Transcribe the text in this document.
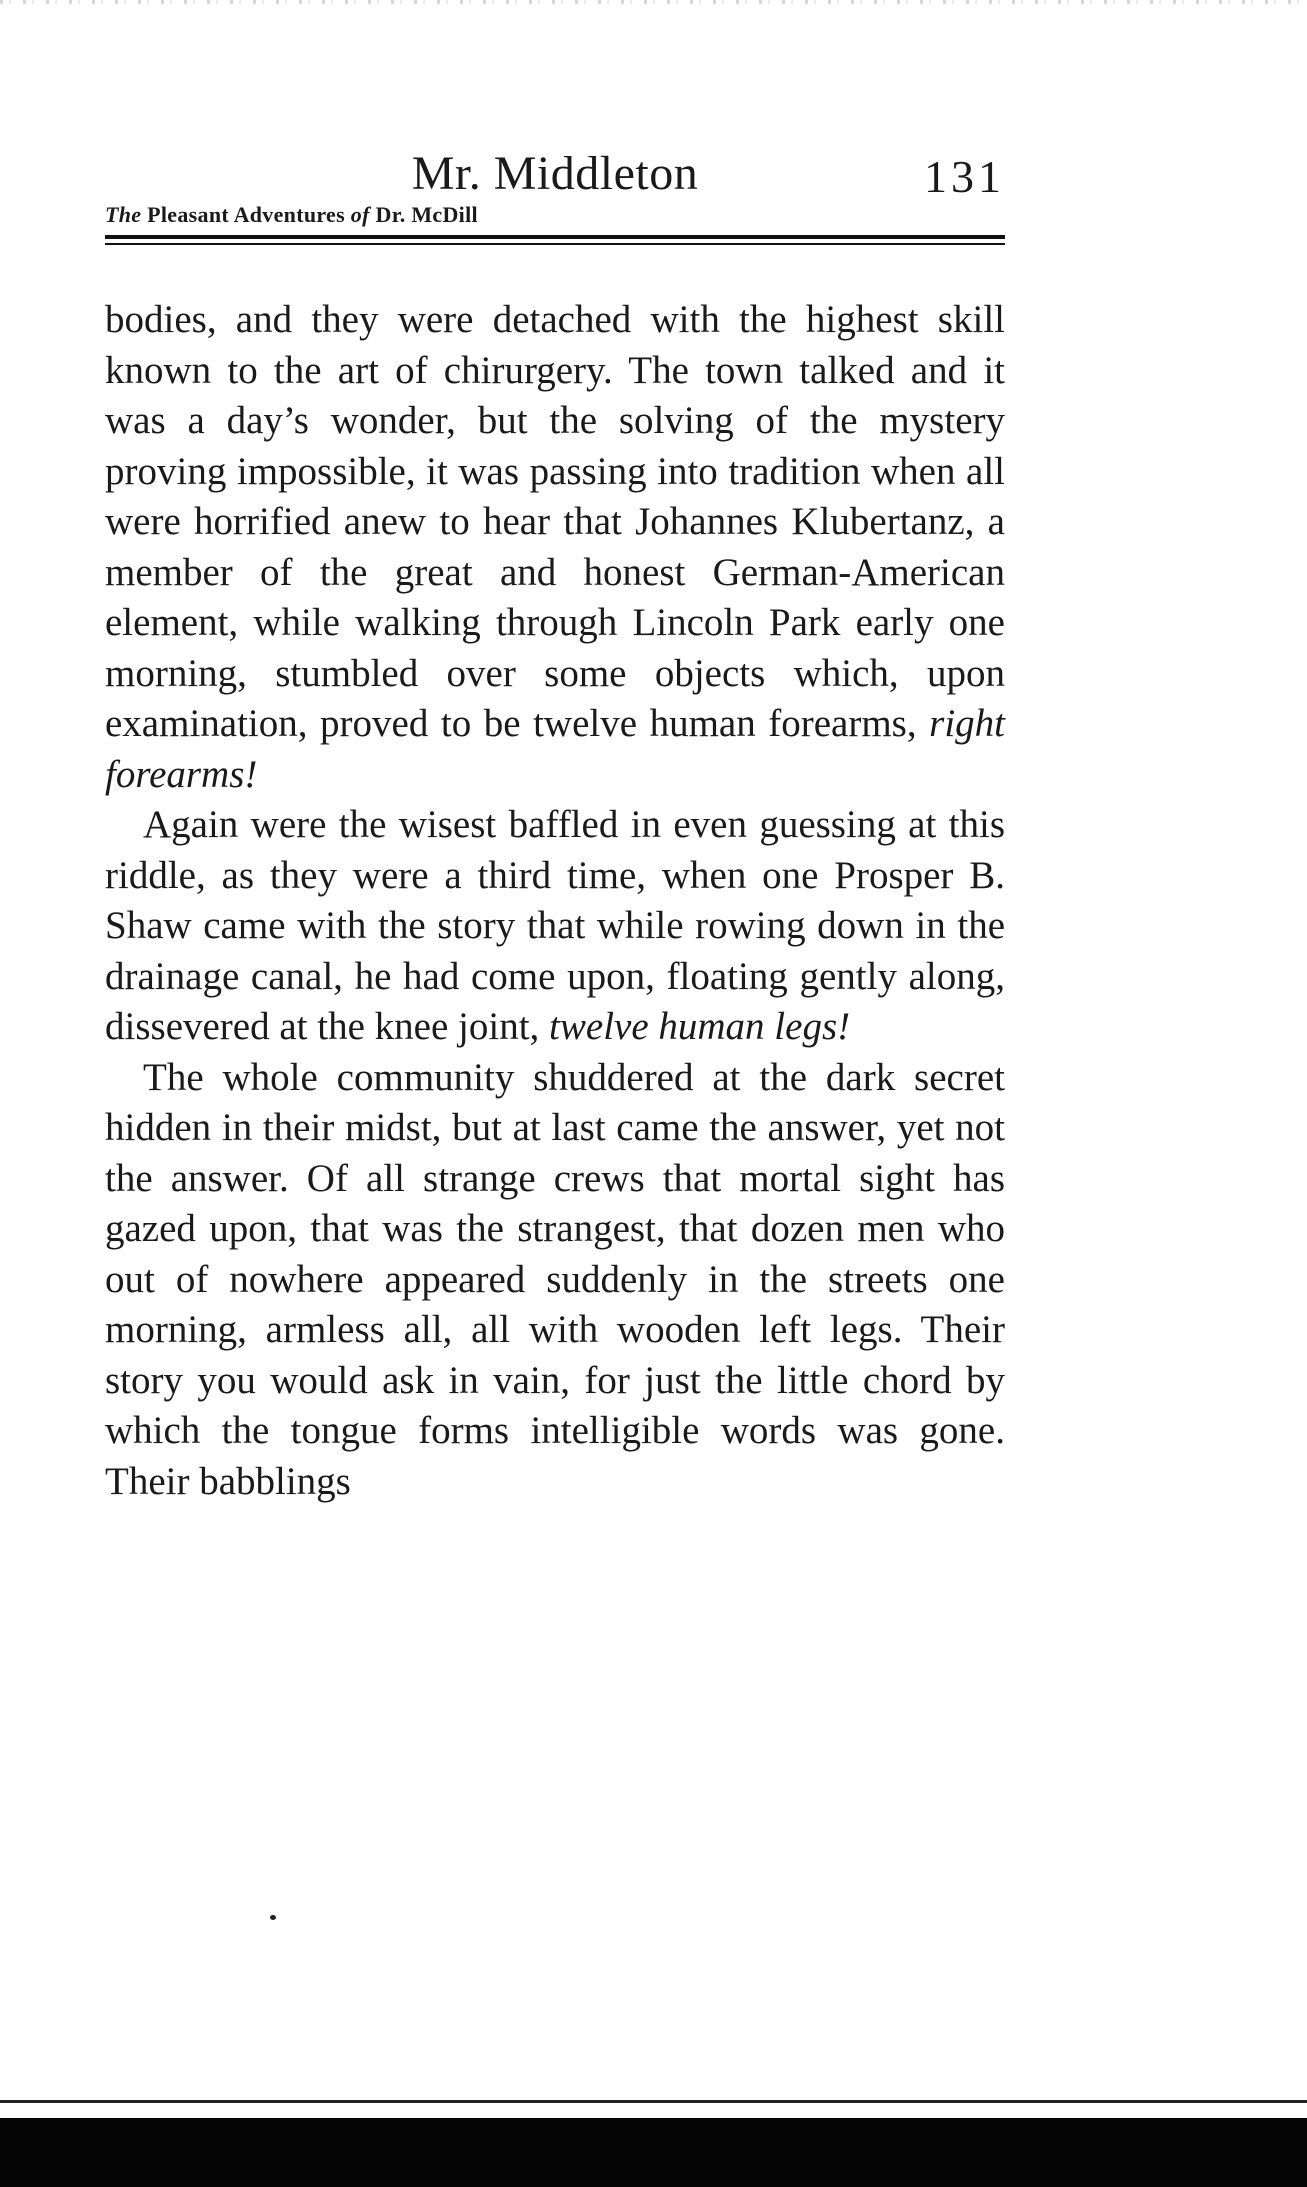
Mr. Middleton	131
The Pleasant Adventures of Dr. McDill

bodies, and they were detached with the highest skill known to the art of chirurgery. The town talked and it was a day’s wonder, but the solving of the mystery proving impossible, it was passing into tradition when all were horrified anew to hear that Johannes Klubertanz, a member of the great and honest German-American element, while walking through Lincoln Park early one morning, stumbled over some objects which, upon examination, proved to be twelve human forearms, right forearms!

Again were the wisest baffled in even guessing at this riddle, as they were a third time, when one Prosper B. Shaw came with the story that while rowing down in the drainage canal, he had come upon, floating gently along, dissevered at the knee joint, twelve human legs!

The whole community shuddered at the dark secret hidden in their midst, but at last came the answer, yet not the answer. Of all strange crews that mortal sight has gazed upon, that was the strangest, that dozen men who out of nowhere appeared suddenly in the streets one morning, armless all, all with wooden left legs. Their story you would ask in vain, for just the little chord by which the tongue forms intelligible words was gone. Their babblings
